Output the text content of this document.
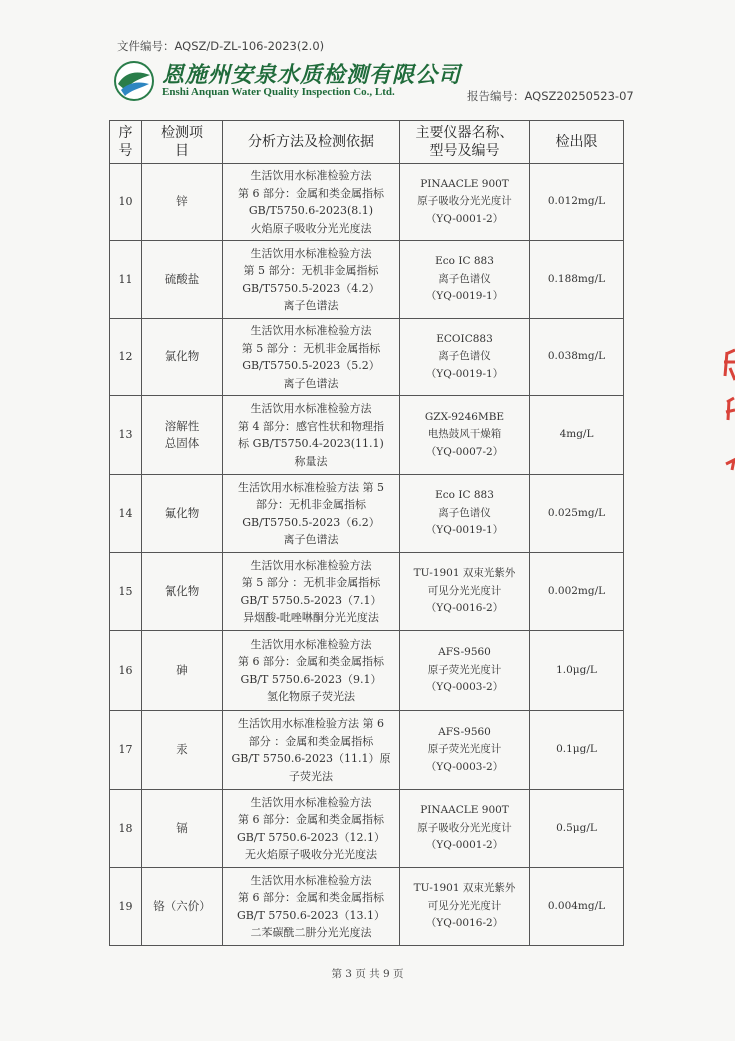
文件编号：AQSZ/D-ZL-106-2023(2.0)
恩施州安泉水质检测有限公司
Enshi Anquan Water Quality Inspection Co., Ltd.	报告编号：AQSZ20250523-07
序
号	检测项
目	分析方法及检测依据	主要仪器名称、
型号及编号	检出限

10	锌	生活饮用水标准检验方法
第 6 部分：金属和类金属指标
GB/T5750.6-2023(8.1)
火焰原子吸收分光光度法	PINAACLE 900T
原子吸收分光光度计
（YQ-0001-2）	0.012mg/L
11	硫酸盐	生活饮用水标准检验方法
第 5 部分：无机非金属指标
GB/T5750.5-2023（4.2）
离子色谱法	Eco IC 883
离子色谱仪
（YQ-0019-1）	0.188mg/L
12	氯化物	生活饮用水标准检验方法
第 5 部分 ：无机非金属指标
GB/T5750.5-2023（5.2）
离子色谱法	ECOIC883
离子色谱仪
（YQ-0019-1）	0.038mg/L
13	溶解性
总固体	生活饮用水标准检验方法
第 4 部分：感官性状和物理指
标 GB/T5750.4-2023(11.1)
称量法	GZX-9246MBE
电热鼓风干燥箱
（YQ-0007-2）	4mg/L
14	氟化物	生活饮用水标准检验方法 第 5
部分：无机非金属指标
GB/T5750.5-2023（6.2）
离子色谱法	Eco IC 883
离子色谱仪
（YQ-0019-1）	0.025mg/L
15	氰化物	生活饮用水标准检验方法
第 5 部分 ：无机非金属指标
GB/T 5750.5-2023（7.1）
异烟酸-吡唑啉酮分光光度法	TU-1901 双束光紫外
可见分光光度计
（YQ-0016-2）	0.002mg/L
16	砷	生活饮用水标准检验方法
第 6 部分：金属和类金属指标
GB/T 5750.6-2023（9.1）
氢化物原子荧光法	AFS-9560
原子荧光光度计
（YQ-0003-2）	1.0μg/L
17	汞	生活饮用水标准检验方法 第 6
部分 ：金属和类金属指标
GB/T 5750.6-2023（11.1）原
子荧光法	AFS-9560
原子荧光光度计
（YQ-0003-2）	0.1μg/L
18	镉	生活饮用水标准检验方法
第 6 部分：金属和类金属指标
GB/T 5750.6-2023（12.1）
无火焰原子吸收分光光度法	PINAACLE 900T
原子吸收分光光度计
（YQ-0001-2）	0.5μg/L
19	铬（六价）	生活饮用水标准检验方法
第 6 部分：金属和类金属指标
GB/T 5750.6-2023（13.1）
二苯碳酰二肼分光光度法	TU-1901 双束光紫外
可见分光光度计
（YQ-0016-2）	0.004mg/L
第 3 页 共 9 页
